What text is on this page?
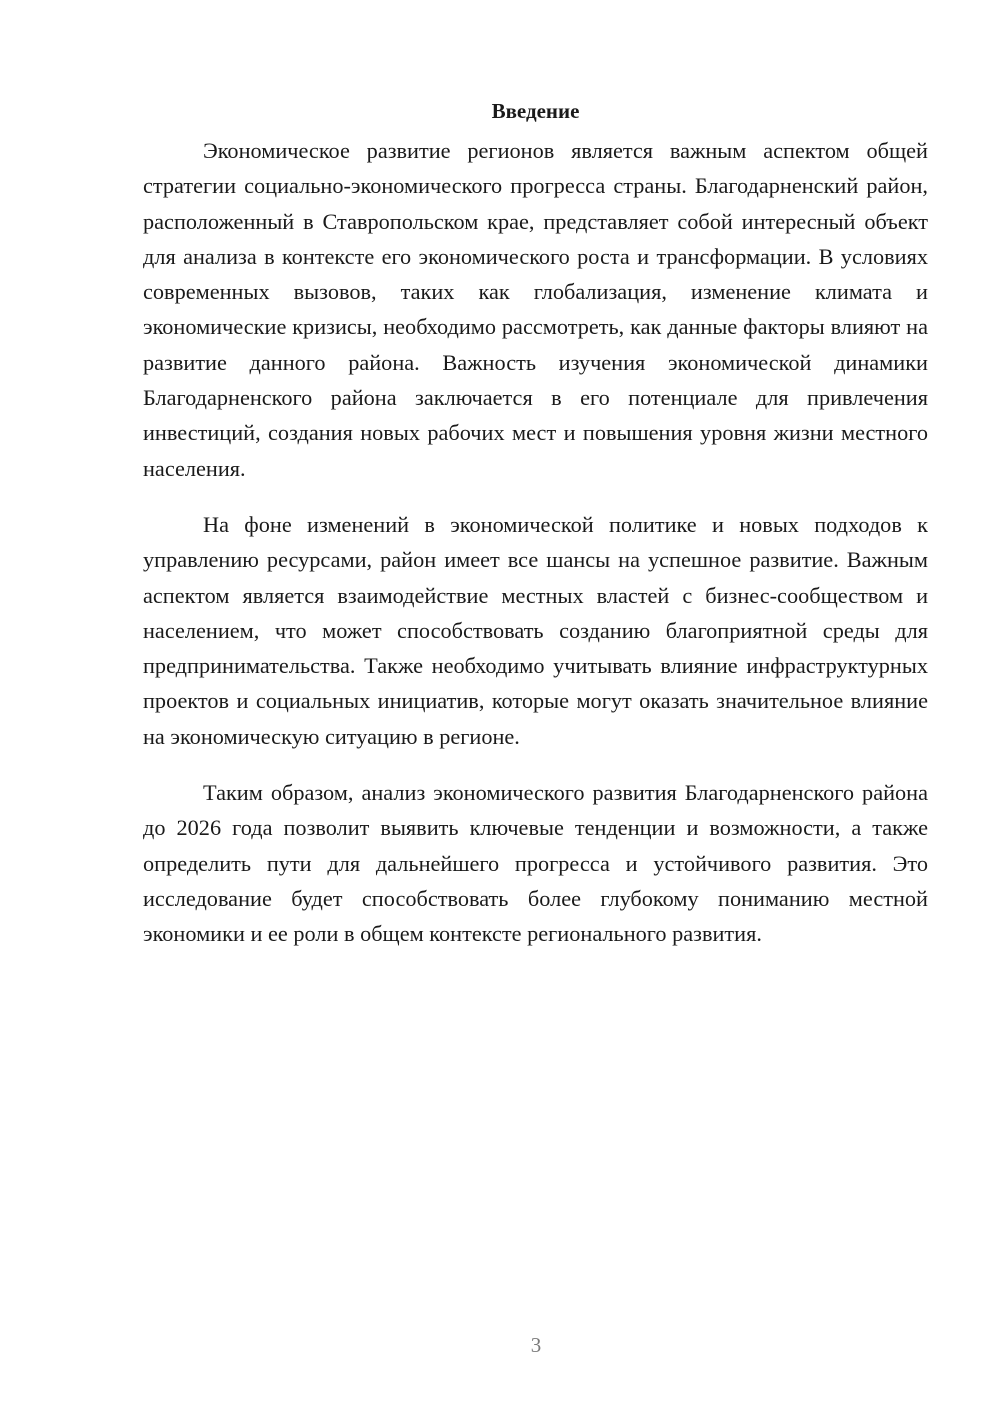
Введение

Экономическое развитие регионов является важным аспектом общей стратегии социально-экономического прогресса страны. Благодарненский район, расположенный в Ставропольском крае, представляет собой интересный объект для анализа в контексте его экономического роста и трансформации. В условиях современных вызовов, таких как глобализация, изменение климата и экономические кризисы, необходимо рассмотреть, как данные факторы влияют на развитие данного района. Важность изучения экономической динамики Благодарненского района заключается в его потенциале для привлечения инвестиций, создания новых рабочих мест и повышения уровня жизни местного населения.

На фоне изменений в экономической политике и новых подходов к управлению ресурсами, район имеет все шансы на успешное развитие. Важным аспектом является взаимодействие местных властей с бизнес-сообществом и населением, что может способствовать созданию благоприятной среды для предпринимательства. Также необходимо учитывать влияние инфраструктурных проектов и социальных инициатив, которые могут оказать значительное влияние на экономическую ситуацию в регионе.

Таким образом, анализ экономического развития Благодарненского района до 2026 года позволит выявить ключевые тенденции и возможности, а также определить пути для дальнейшего прогресса и устойчивого развития. Это исследование будет способствовать более глубокому пониманию местной экономики и ее роли в общем контексте регионального развития.

3
